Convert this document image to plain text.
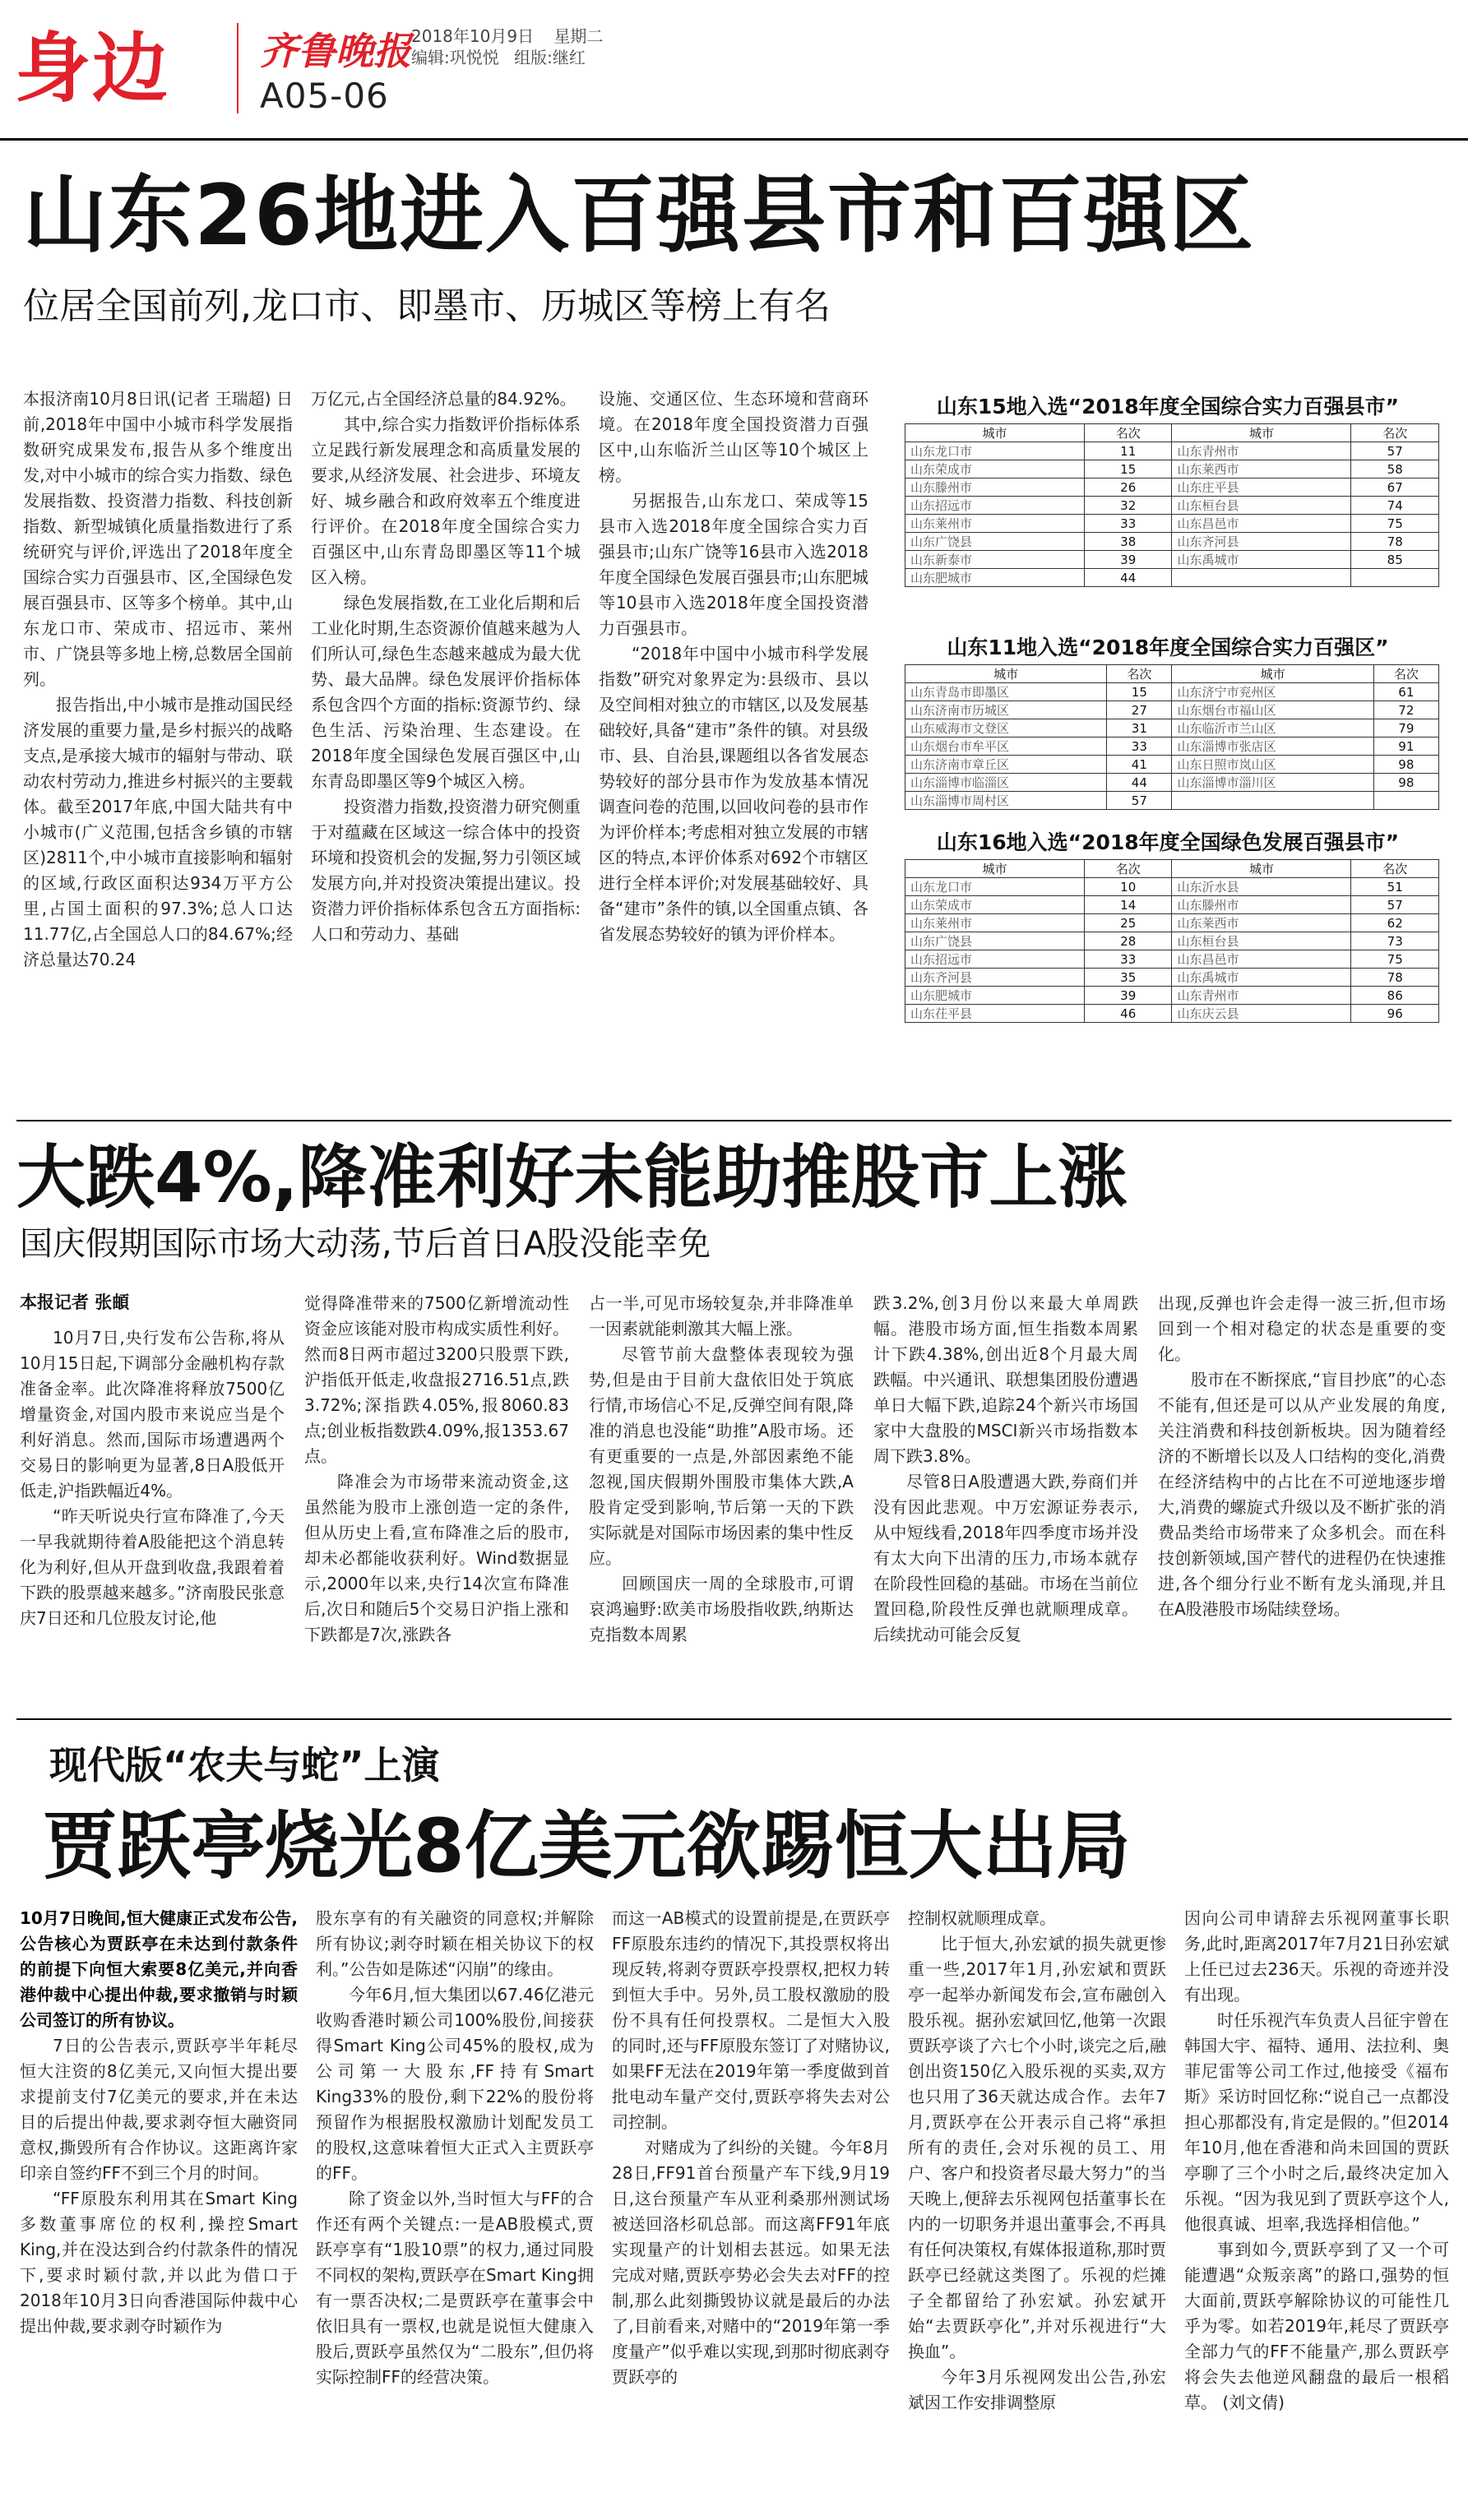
身边 齐鲁晚报 2018年10月9日 星期二
编辑:巩悦悦 组版:继红
A05-06
山东26地进入百强县市和百强区
位居全国前列,龙口市、即墨市、历城区等榜上有名

本报济南10月8日讯(记者 王瑞超) 日前,2018年中国中小城市科学发展指数研究成果发布,报告从多个维度出发,对中小城市的综合实力指数、绿色发展指数、投资潜力指数、科技创新指数、新型城镇化质量指数进行了系统研究与评价,评选出了2018年度全国综合实力百强县市、区,全国绿色发展百强县市、区等多个榜单。其中,山东龙口市、荣成市、招远市、莱州市、广饶县等多地上榜,总数居全国前列。

报告指出,中小城市是推动国民经济发展的重要力量,是乡村振兴的战略支点,是承接大城市的辐射与带动、联动农村劳动力,推进乡村振兴的主要载体。截至2017年底,中国大陆共有中小城市(广义范围,包括含乡镇的市辖区)2811个,中小城市直接影响和辐射的区域,行政区面积达934万平方公里,占国土面积的97.3%;总人口达11.77亿,占全国总人口的84.67%;经济总量达70.24

万亿元,占全国经济总量的84.92%。

其中,综合实力指数评价指标体系立足践行新发展理念和高质量发展的要求,从经济发展、社会进步、环境友好、城乡融合和政府效率五个维度进行评价。在2018年度全国综合实力百强区中,山东青岛即墨区等11个城区入榜。

绿色发展指数,在工业化后期和后工业化时期,生态资源价值越来越为人们所认可,绿色生态越来越成为最大优势、最大品牌。绿色发展评价指标体系包含四个方面的指标:资源节约、绿色生活、污染治理、生态建设。在2018年度全国绿色发展百强区中,山东青岛即墨区等9个城区入榜。

投资潜力指数,投资潜力研究侧重于对蕴藏在区域这一综合体中的投资环境和投资机会的发掘,努力引领区域发展方向,并对投资决策提出建议。投资潜力评价指标体系包含五方面指标:人口和劳动力、基础

设施、交通区位、生态环境和营商环境。在2018年度全国投资潜力百强区中,山东临沂兰山区等10个城区上榜。

另据报告,山东龙口、荣成等15县市入选2018年度全国综合实力百强县市;山东广饶等16县市入选2018年度全国绿色发展百强县市;山东肥城等10县市入选2018年度全国投资潜力百强县市。

“2018年中国中小城市科学发展指数”研究对象界定为:县级市、县以及空间相对独立的市辖区,以及发展基础较好,具备“建市”条件的镇。对县级市、县、自治县,课题组以各省发展态势较好的部分县市作为发放基本情况调查问卷的范围,以回收问卷的县市作为评价样本;考虑相对独立发展的市辖区的特点,本评价体系对692个市辖区进行全样本评价;对发展基础较好、具备“建市”条件的镇,以全国重点镇、各省发展态势较好的镇为评价样本。

山东15地入选“2018年度全国综合实力百强县市”
城市	名次	城市	名次
山东龙口市	11	山东青州市	57
山东荣成市	15	山东莱西市	58
山东滕州市	26	山东庄平县	67
山东招远市	32	山东桓台县	74
山东莱州市	33	山东昌邑市	75
山东广饶县	38	山东齐河县	78
山东新泰市	39	山东禹城市	85
山东肥城市	44		
山东11地入选“2018年度全国综合实力百强区”
城市	名次	城市	名次
山东青岛市即墨区	15	山东济宁市兖州区	61
山东济南市历城区	27	山东烟台市福山区	72
山东威海市文登区	31	山东临沂市兰山区	79
山东烟台市牟平区	33	山东淄博市张店区	91
山东济南市章丘区	41	山东日照市岚山区	98
山东淄博市临淄区	44	山东淄博市淄川区	98
山东淄博市周村区	57		
山东16地入选“2018年度全国绿色发展百强县市”
城市	名次	城市	名次
山东龙口市	10	山东沂水县	51
山东荣成市	14	山东滕州市	57
山东莱州市	25	山东莱西市	62
山东广饶县	28	山东桓台县	73
山东招远市	33	山东昌邑市	75
山东齐河县	35	山东禹城市	78
山东肥城市	39	山东青州市	86
山东茌平县	46	山东庆云县	96
大跌4%,降准利好未能助推股市上涨
国庆假期国际市场大动荡,节后首日A股没能幸免
本报记者 张頔

10月7日,央行发布公告称,将从10月15日起,下调部分金融机构存款准备金率。此次降准将释放7500亿增量资金,对国内股市来说应当是个利好消息。然而,国际市场遭遇两个交易日的影响更为显著,8日A股低开低走,沪指跌幅近4%。

“昨天听说央行宣布降准了,今天一早我就期待着A股能把这个消息转化为利好,但从开盘到收盘,我跟着着下跌的股票越来越多。”济南股民张意庆7日还和几位股友讨论,他

觉得降准带来的7500亿新增流动性资金应该能对股市构成实质性利好。然而8日两市超过3200只股票下跌,沪指低开低走,收盘报2716.51点,跌3.72%;深指跌4.05%,报8060.83点;创业板指数跌4.09%,报1353.67点。

降准会为市场带来流动资金,这虽然能为股市上涨创造一定的条件,但从历史上看,宣布降准之后的股市,却未必都能收获利好。Wind数据显示,2000年以来,央行14次宣布降准后,次日和随后5个交易日沪指上涨和下跌都是7次,涨跌各

占一半,可见市场较复杂,并非降准单一因素就能刺激其大幅上涨。

尽管节前大盘整体表现较为强势,但是由于目前大盘依旧处于筑底行情,市场信心不足,反弹空间有限,降准的消息也没能“助推”A股市场。还有更重要的一点是,外部因素绝不能忽视,国庆假期外围股市集体大跌,A股肯定受到影响,节后第一天的下跌实际就是对国际市场因素的集中性反应。

回顾国庆一周的全球股市,可谓哀鸿遍野:欧美市场股指收跌,纳斯达克指数本周累

跌3.2%,创3月份以来最大单周跌幅。港股市场方面,恒生指数本周累计下跌4.38%,创出近8个月最大周跌幅。中兴通讯、联想集团股份遭遇单日大幅下跌,追踪24个新兴市场国家中大盘股的MSCI新兴市场指数本周下跌3.8%。

尽管8日A股遭遇大跌,券商们并没有因此悲观。中万宏源证券表示,从中短线看,2018年四季度市场并没有太大向下出清的压力,市场本就存在阶段性回稳的基础。市场在当前位置回稳,阶段性反弹也就顺理成章。后续扰动可能会反复

出现,反弹也许会走得一波三折,但市场回到一个相对稳定的状态是重要的变化。

股市在不断探底,“盲目抄底”的心态不能有,但还是可以从产业发展的角度,关注消费和科技创新板块。因为随着经济的不断增长以及人口结构的变化,消费在经济结构中的占比在不可逆地逐步增大,消费的螺旋式升级以及不断扩张的消费品类给市场带来了众多机会。而在科技创新领域,国产替代的进程仍在快速推进,各个细分行业不断有龙头涌现,并且在A股港股市场陆续登场。

现代版“农夫与蛇”上演
贾跃亭烧光8亿美元欲踢恒大出局

10月7日晚间,恒大健康正式发布公告,公告核心为贾跃亭在未达到付款条件的前提下向恒大索要8亿美元,并向香港仲裁中心提出仲裁,要求撤销与时颖公司签订的所有协议。

7日的公告表示,贾跃亭半年耗尽恒大注资的8亿美元,又向恒大提出要求提前支付7亿美元的要求,并在未达目的后提出仲裁,要求剥夺恒大融资同意权,撕毁所有合作协议。这距离许家印亲自签约FF不到三个月的时间。

“FF原股东利用其在Smart King多数董事席位的权利,操控Smart King,并在没达到合约付款条件的情况下,要求时颖付款,并以此为借口于2018年10月3日向香港国际仲裁中心提出仲裁,要求剥夺时颖作为

股东享有的有关融资的同意权;并解除所有协议;剥夺时颖在相关协议下的权利。”公告如是陈述“闪崩”的缘由。

今年6月,恒大集团以67.46亿港元收购香港时颖公司100%股份,间接获得Smart King公司45%的股权,成为公司第一大股东,FF持有Smart King33%的股份,剩下22%的股份将预留作为根据股权激励计划配发员工的股权,这意味着恒大正式入主贾跃亭的FF。

除了资金以外,当时恒大与FF的合作还有两个关键点:一是AB股模式,贾跃亭享有“1股10票”的权力,通过同股不同权的架构,贾跃亭在Smart King拥有一票否决权;二是贾跃亭在董事会中依旧具有一票权,也就是说恒大健康入股后,贾跃亭虽然仅为“二股东”,但仍将实际控制FF的经营决策。

而这一AB模式的设置前提是,在贾跃亭FF原股东违约的情况下,其投票权将出现反转,将剥夺贾跃亭投票权,把权力转到恒大手中。另外,员工股权激励的股份不具有任何投票权。二是恒大入股的同时,还与FF原股东签订了对赌协议,如果FF无法在2019年第一季度做到首批电动车量产交付,贾跃亭将失去对公司控制。

对赌成为了纠纷的关键。今年8月28日,FF91首台预量产车下线,9月19日,这台预量产车从亚利桑那州测试场被送回洛杉矶总部。而这离FF91年底实现量产的计划相去甚远。如果无法完成对赌,贾跃亭势必会失去对FF的控制,那么此刻撕毁协议就是最后的办法了,目前看来,对赌中的“2019年第一季度量产”似乎难以实现,到那时彻底剥夺贾跃亭的

控制权就顺理成章。

比于恒大,孙宏斌的损失就更惨重一些,2017年1月,孙宏斌和贾跃亭一起举办新闻发布会,宣布融创入股乐视。据孙宏斌回忆,他第一次跟贾跃亭谈了六七个小时,谈完之后,融创出资150亿入股乐视的买卖,双方也只用了36天就达成合作。去年7月,贾跃亭在公开表示自己将“承担所有的责任,会对乐视的员工、用户、客户和投资者尽最大努力”的当天晚上,便辞去乐视网包括董事长在内的一切职务并退出董事会,不再具有任何决策权,有媒体报道称,那时贾跃亭已经就这类图了。乐视的烂摊子全都留给了孙宏斌。孙宏斌开始“去贾跃亭化”,并对乐视进行“大换血”。

今年3月乐视网发出公告,孙宏斌因工作安排调整原

因向公司申请辞去乐视网董事长职务,此时,距离2017年7月21日孙宏斌上任已过去236天。乐视的奇迹并没有出现。

时任乐视汽车负责人吕征宇曾在韩国大宇、福特、通用、法拉利、奥菲尼雷等公司工作过,他接受《福布斯》采访时回忆称:“说自己一点都没担心那都没有,肯定是假的。”但2014年10月,他在香港和尚未回国的贾跃亭聊了三个小时之后,最终决定加入乐视。“因为我见到了贾跃亭这个人,他很真诚、坦率,我选择相信他。”

事到如今,贾跃亭到了又一个可能遭遇“众叛亲离”的路口,强势的恒大面前,贾跃亭解除协议的可能性几乎为零。如若2019年,耗尽了贾跃亭全部力气的FF不能量产,那么贾跃亭将会失去他逆风翻盘的最后一根稻草。 (刘文倩)
